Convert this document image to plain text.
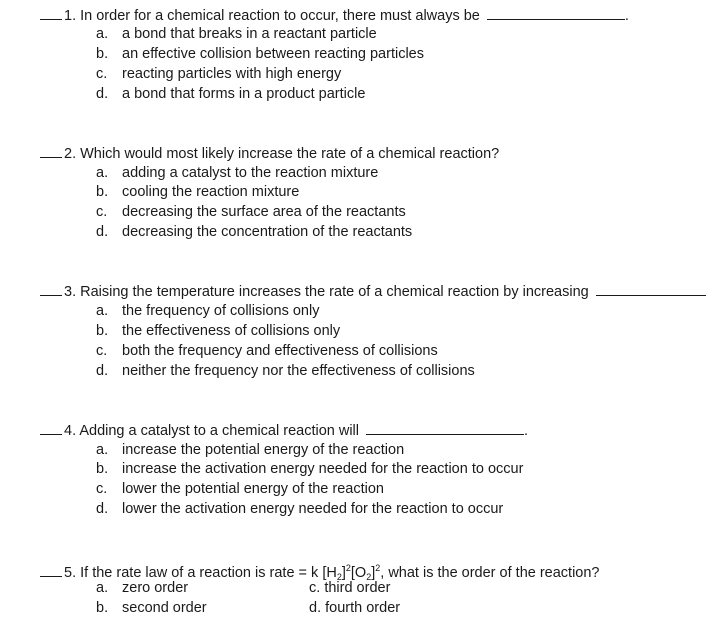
1. In order for a chemical reaction to occur, there must always be	.
a. a bond that breaks in a reactant particle
b. an effective collision between reacting particles
c. reacting particles with high energy
d. a bond that forms in a product particle
2. Which would most likely increase the rate of a chemical reaction?
a. adding a catalyst to the reaction mixture
b. cooling the reaction mixture
c. decreasing the surface area of the reactants
d. decreasing the concentration of the reactants
3. Raising the temperature increases the rate of a chemical reaction by increasing
a. the frequency of collisions only
b. the effectiveness of collisions only
c. both the frequency and effectiveness of collisions
d. neither the frequency nor the effectiveness of collisions
4. Adding a catalyst to a chemical reaction will	.
a. increase the potential energy of the reaction
b. increase the activation energy needed for the reaction to occur
c. lower the potential energy of the reaction
d. lower the activation energy needed for the reaction to occur
5. If the rate law of a reaction is rate = k $[H_2]^2[O_2]^2$, what is the order of the reaction?
a. zero order
b. second order
c. third order
d. fourth order
